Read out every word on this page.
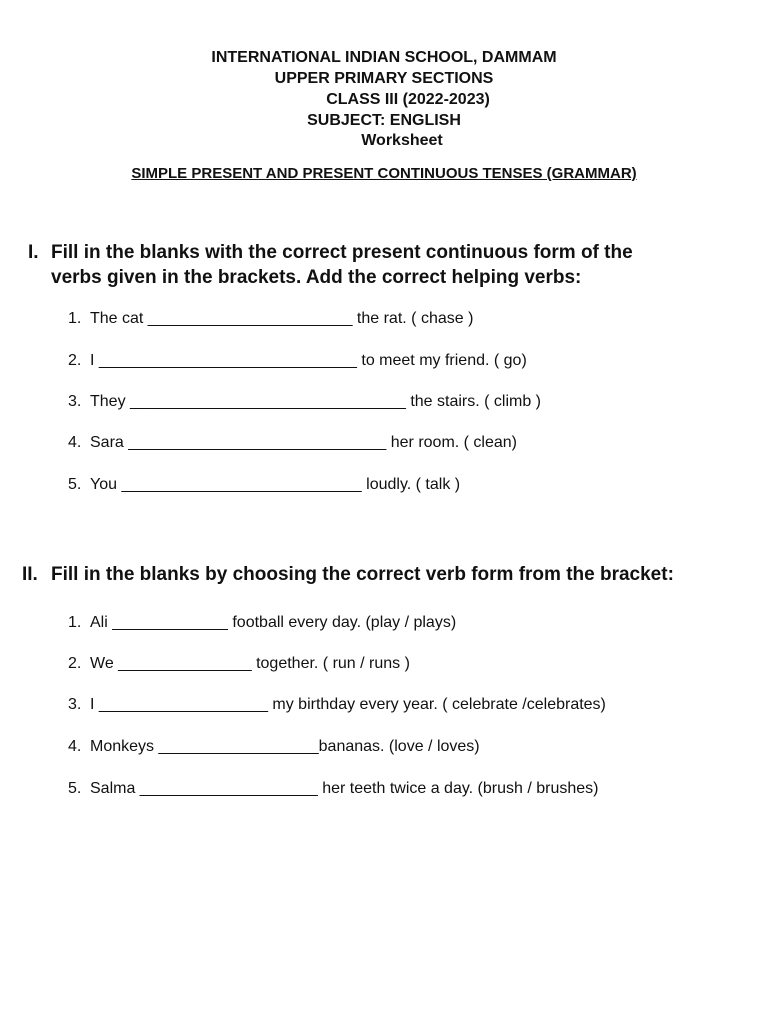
INTERNATIONAL INDIAN SCHOOL, DAMMAM
UPPER PRIMARY SECTIONS
CLASS III (2022-2023)
SUBJECT: ENGLISH
Worksheet
SIMPLE PRESENT AND PRESENT CONTINUOUS TENSES (GRAMMAR)
I. Fill in the blanks with the correct present continuous form of the
verbs given in the brackets. Add the correct helping verbs:
1. The cat _______________________ the rat. ( chase )
2. I _____________________________ to meet my friend. ( go)
3. They _______________________________ the stairs. ( climb )
4. Sara _____________________________ her room. ( clean)
5. You ___________________________ loudly. ( talk )
II. Fill in the blanks by choosing the correct verb form from the bracket:
1. Ali _____________ football every day. (play / plays)
2. We _______________ together. ( run / runs )
3. I ___________________ my birthday every year. ( celebrate /celebrates)
4. Monkeys __________________bananas. (love / loves)
5. Salma ____________________ her teeth twice a day. (brush / brushes)
